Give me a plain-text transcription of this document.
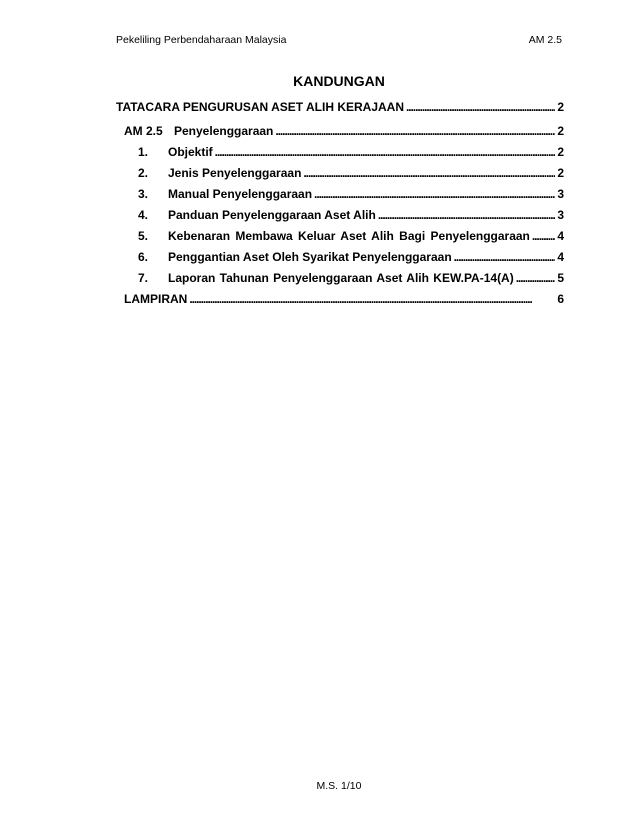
Pekeliling Perbendaharaan Malaysia	AM 2.5
KANDUNGAN
TATACARA PENGURUSAN ASET ALIH KERAJAAN . . .	2
AM 2.5 Penyelenggaraan . . .	2
1.	Objektif . . .	2
2.	Jenis Penyelenggaraan . . .	2
3.	Manual Penyelenggaraan . . .	3
4.	Panduan Penyelenggaraan Aset Alih . . .	3
5.	Kebenaran Membawa Keluar Aset Alih Bagi Penyelenggaraan . . . 4
6.	Penggantian Aset Oleh Syarikat Penyelenggaraan . . .	4
7.	Laporan Tahunan Penyelenggaraan Aset Alih KEW.PA-14(A) . . .	5
LAMPIRAN . . .	6
M.S. 1/10
